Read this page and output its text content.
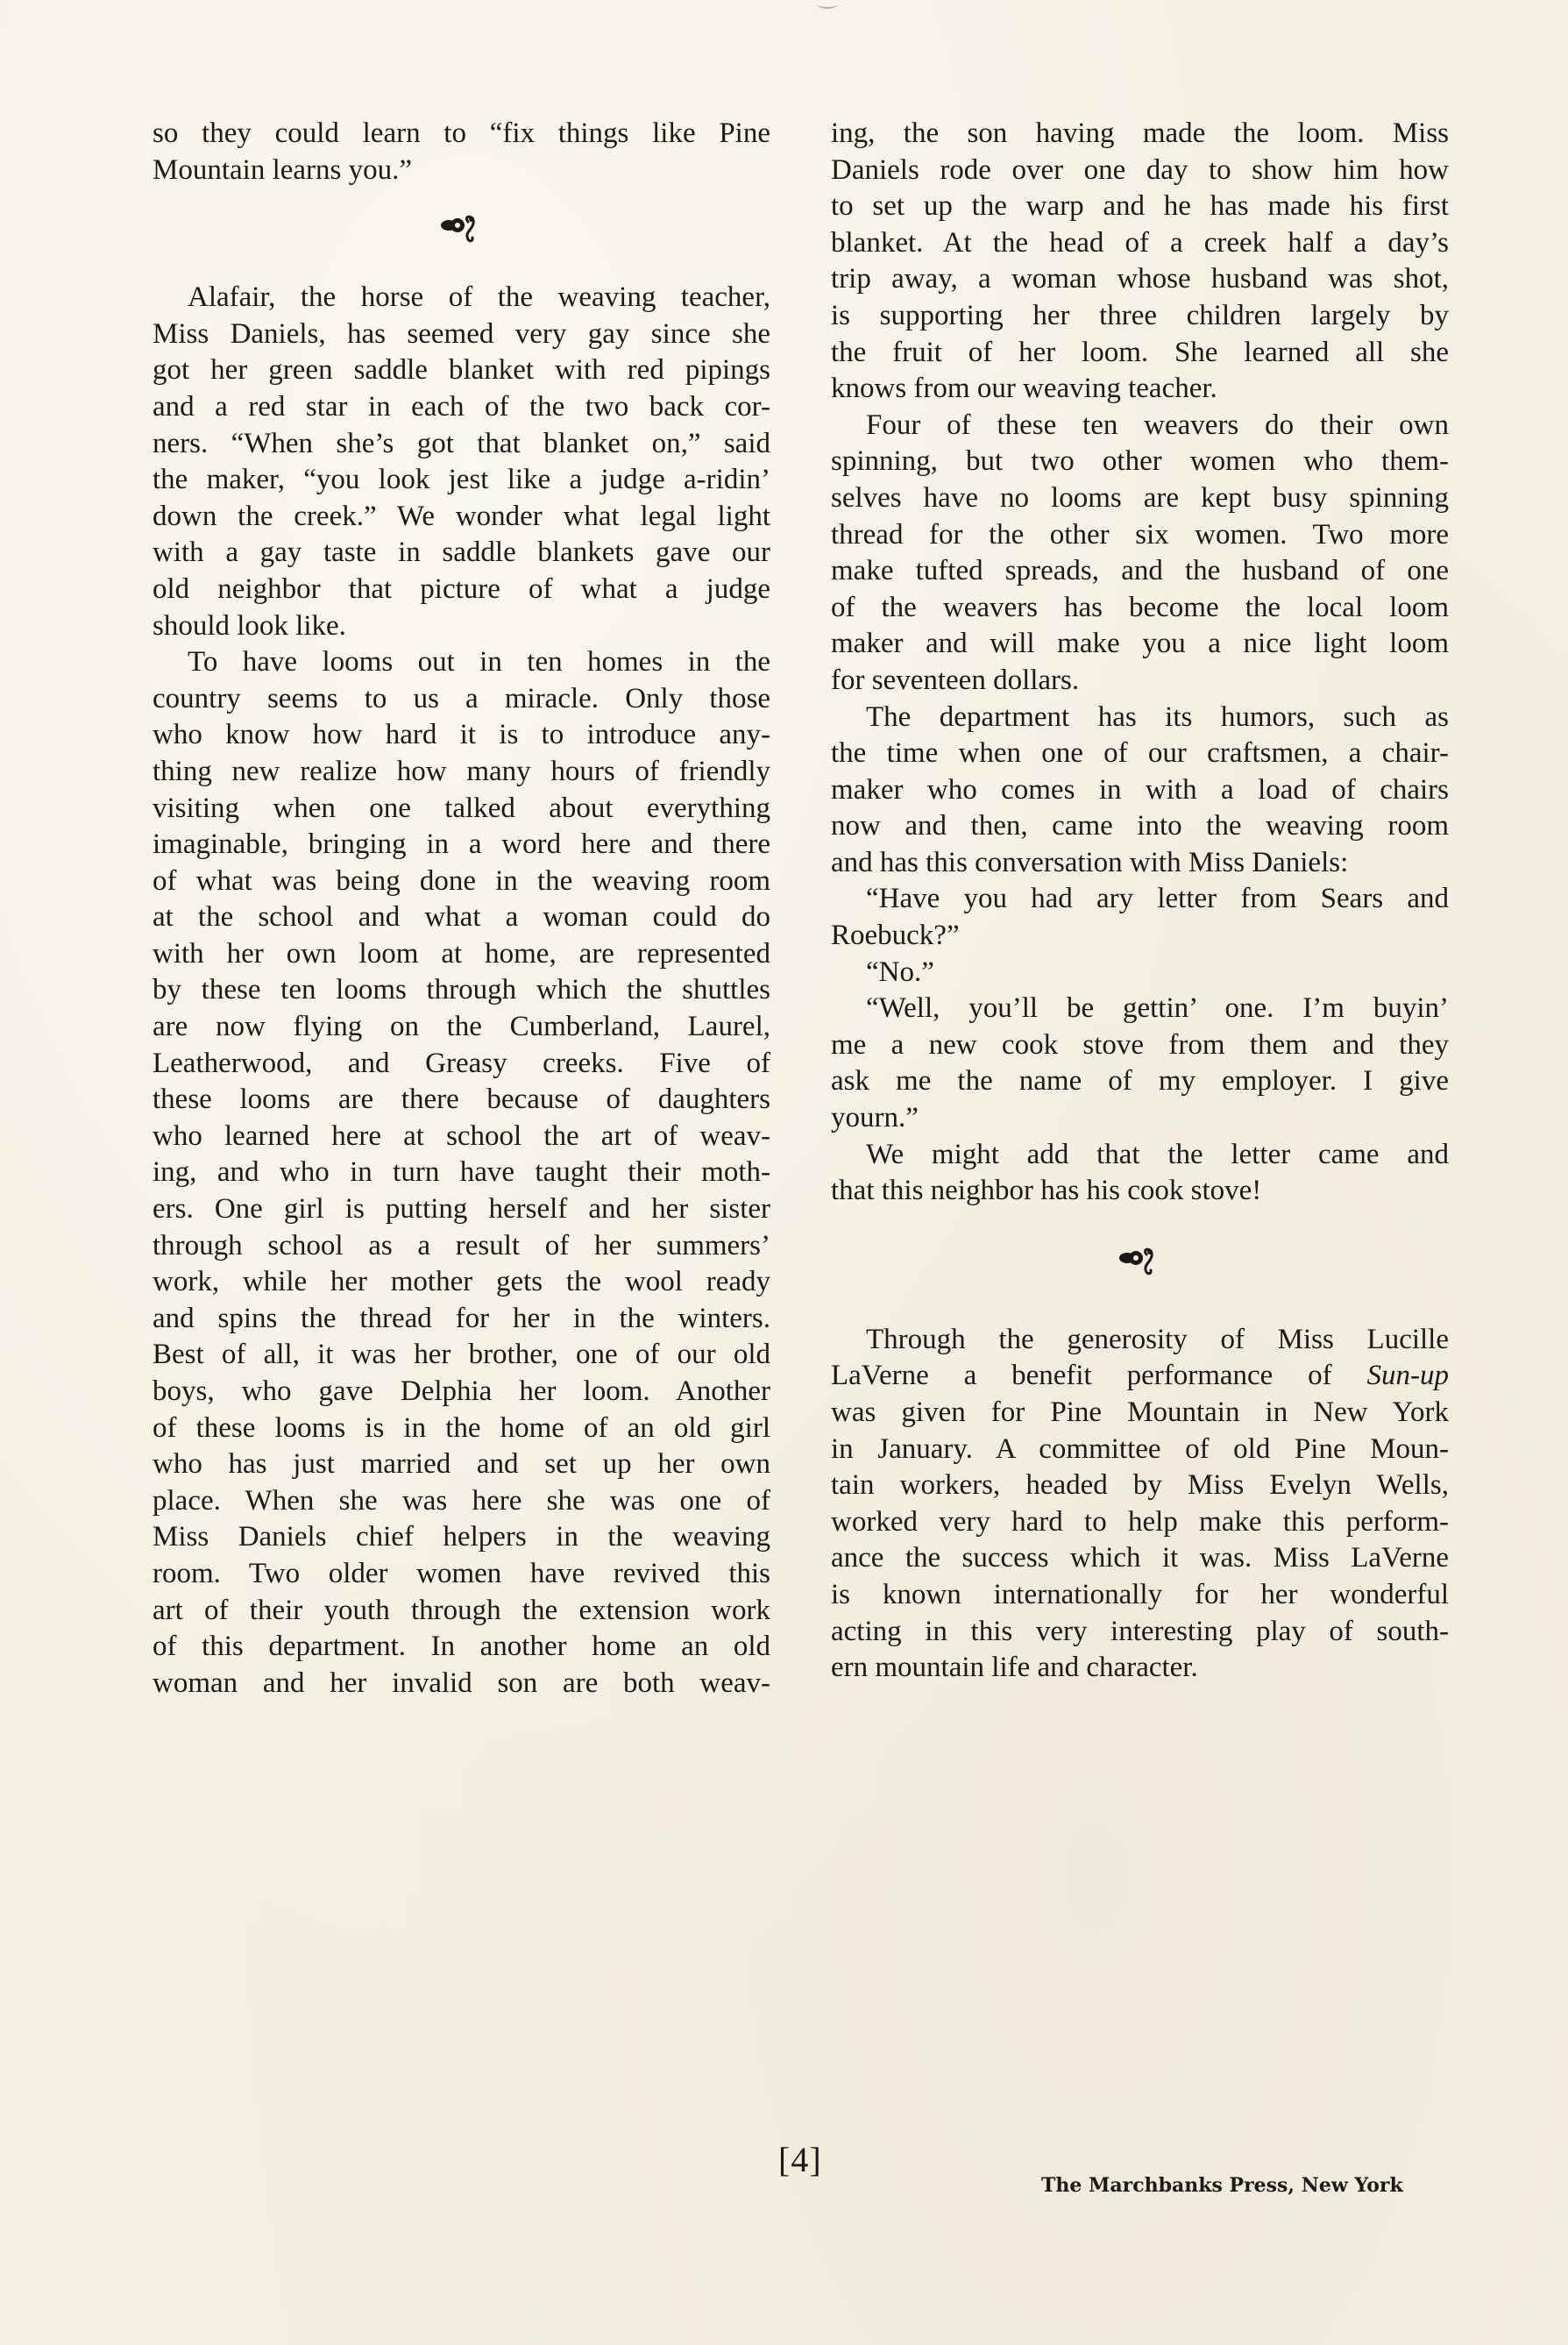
so they could learn to “fix things like Pine
Mountain learns you.”
Alafair, the horse of the weaving teacher,
Miss Daniels, has seemed very gay since she
got her green saddle blanket with red pipings
and a red star in each of the two back cor-
ners. “When she’s got that blanket on,” said
the maker, “you look jest like a judge a-ridin’
down the creek.” We wonder what legal light
with a gay taste in saddle blankets gave our
old neighbor that picture of what a judge
should look like.
To have looms out in ten homes in the
country seems to us a miracle. Only those
who know how hard it is to introduce any-
thing new realize how many hours of friendly
visiting when one talked about everything
imaginable, bringing in a word here and there
of what was being done in the weaving room
at the school and what a woman could do
with her own loom at home, are represented
by these ten looms through which the shuttles
are now flying on the Cumberland, Laurel,
Leatherwood, and Greasy creeks. Five of
these looms are there because of daughters
who learned here at school the art of weav-
ing, and who in turn have taught their moth-
ers. One girl is putting herself and her sister
through school as a result of her summers’
work, while her mother gets the wool ready
and spins the thread for her in the winters.
Best of all, it was her brother, one of our old
boys, who gave Delphia her loom. Another
of these looms is in the home of an old girl
who has just married and set up her own
place. When she was here she was one of
Miss Daniels chief helpers in the weaving
room. Two older women have revived this
art of their youth through the extension work
of this department. In another home an old
woman and her invalid son are both weav-
ing, the son having made the loom. Miss
Daniels rode over one day to show him how
to set up the warp and he has made his first
blanket. At the head of a creek half a day’s
trip away, a woman whose husband was shot,
is supporting her three children largely by
the fruit of her loom. She learned all she
knows from our weaving teacher.
Four of these ten weavers do their own
spinning, but two other women who them-
selves have no looms are kept busy spinning
thread for the other six women. Two more
make tufted spreads, and the husband of one
of the weavers has become the local loom
maker and will make you a nice light loom
for seventeen dollars.
The department has its humors, such as
the time when one of our craftsmen, a chair-
maker who comes in with a load of chairs
now and then, came into the weaving room
and has this conversation with Miss Daniels:
“Have you had ary letter from Sears and
Roebuck?”
“No.”
“Well, you’ll be gettin’ one. I’m buyin’
me a new cook stove from them and they
ask me the name of my employer. I give
yourn.”
We might add that the letter came and
that this neighbor has his cook stove!
Through the generosity of Miss Lucille
LaVerne a benefit performance of Sun-up
was given for Pine Mountain in New York
in January. A committee of old Pine Moun-
tain workers, headed by Miss Evelyn Wells,
worked very hard to help make this perform-
ance the success which it was. Miss LaVerne
is known internationally for her wonderful
acting in this very interesting play of south-
ern mountain life and character.
[4]
The Marchbanks Press, New York
